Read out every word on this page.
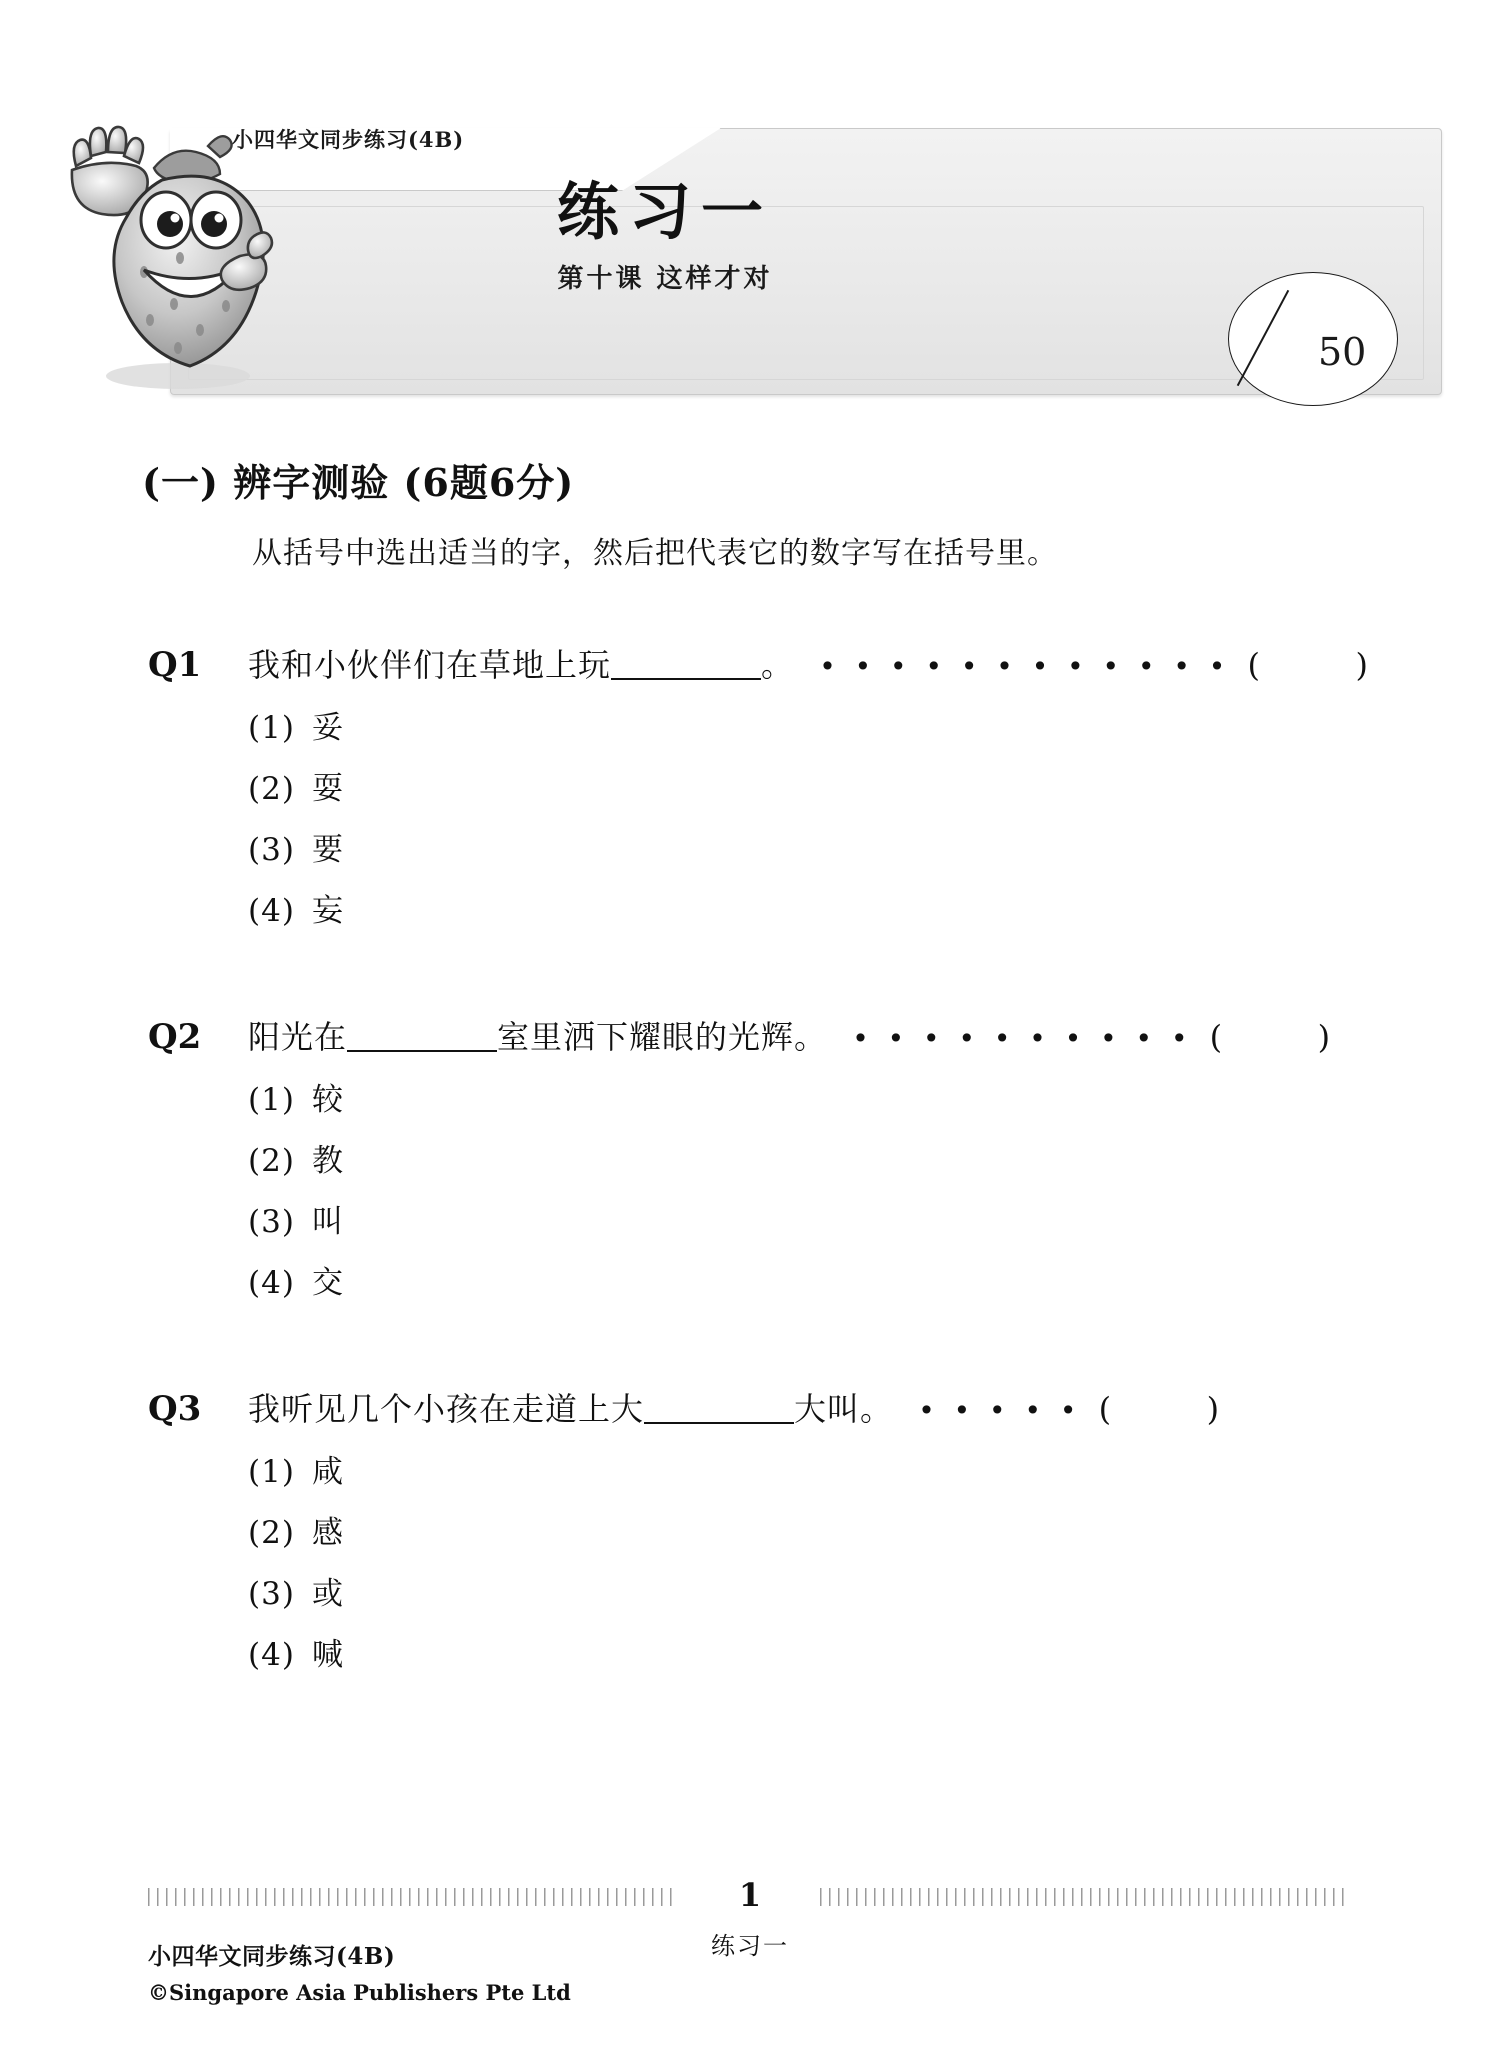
小四华文同步练习(4B)
练习一
第十课 这样才对
50
(一) 辨字测验 (6题6分)
从括号中选出适当的字，然后把代表它的数字写在括号里。
Q1	我和小伙伴们在草地上玩	。 • • • • • • • • • • • • (	)
(1) 妥
(2) 耍
(3) 要
(4) 妄
Q2	阳光在	室里洒下耀眼的光辉。 • • • • • • • • • • (	)
(1) 较
(2) 教
(3) 叫
(4) 交
Q3	我听见几个小孩在走道上大	大叫。 • • • • • (	)
(1) 咸
(2) 感
(3) 或
(4) 喊
1
练习一
小四华文同步练习(4B)
©Singapore Asia Publishers Pte Ltd
